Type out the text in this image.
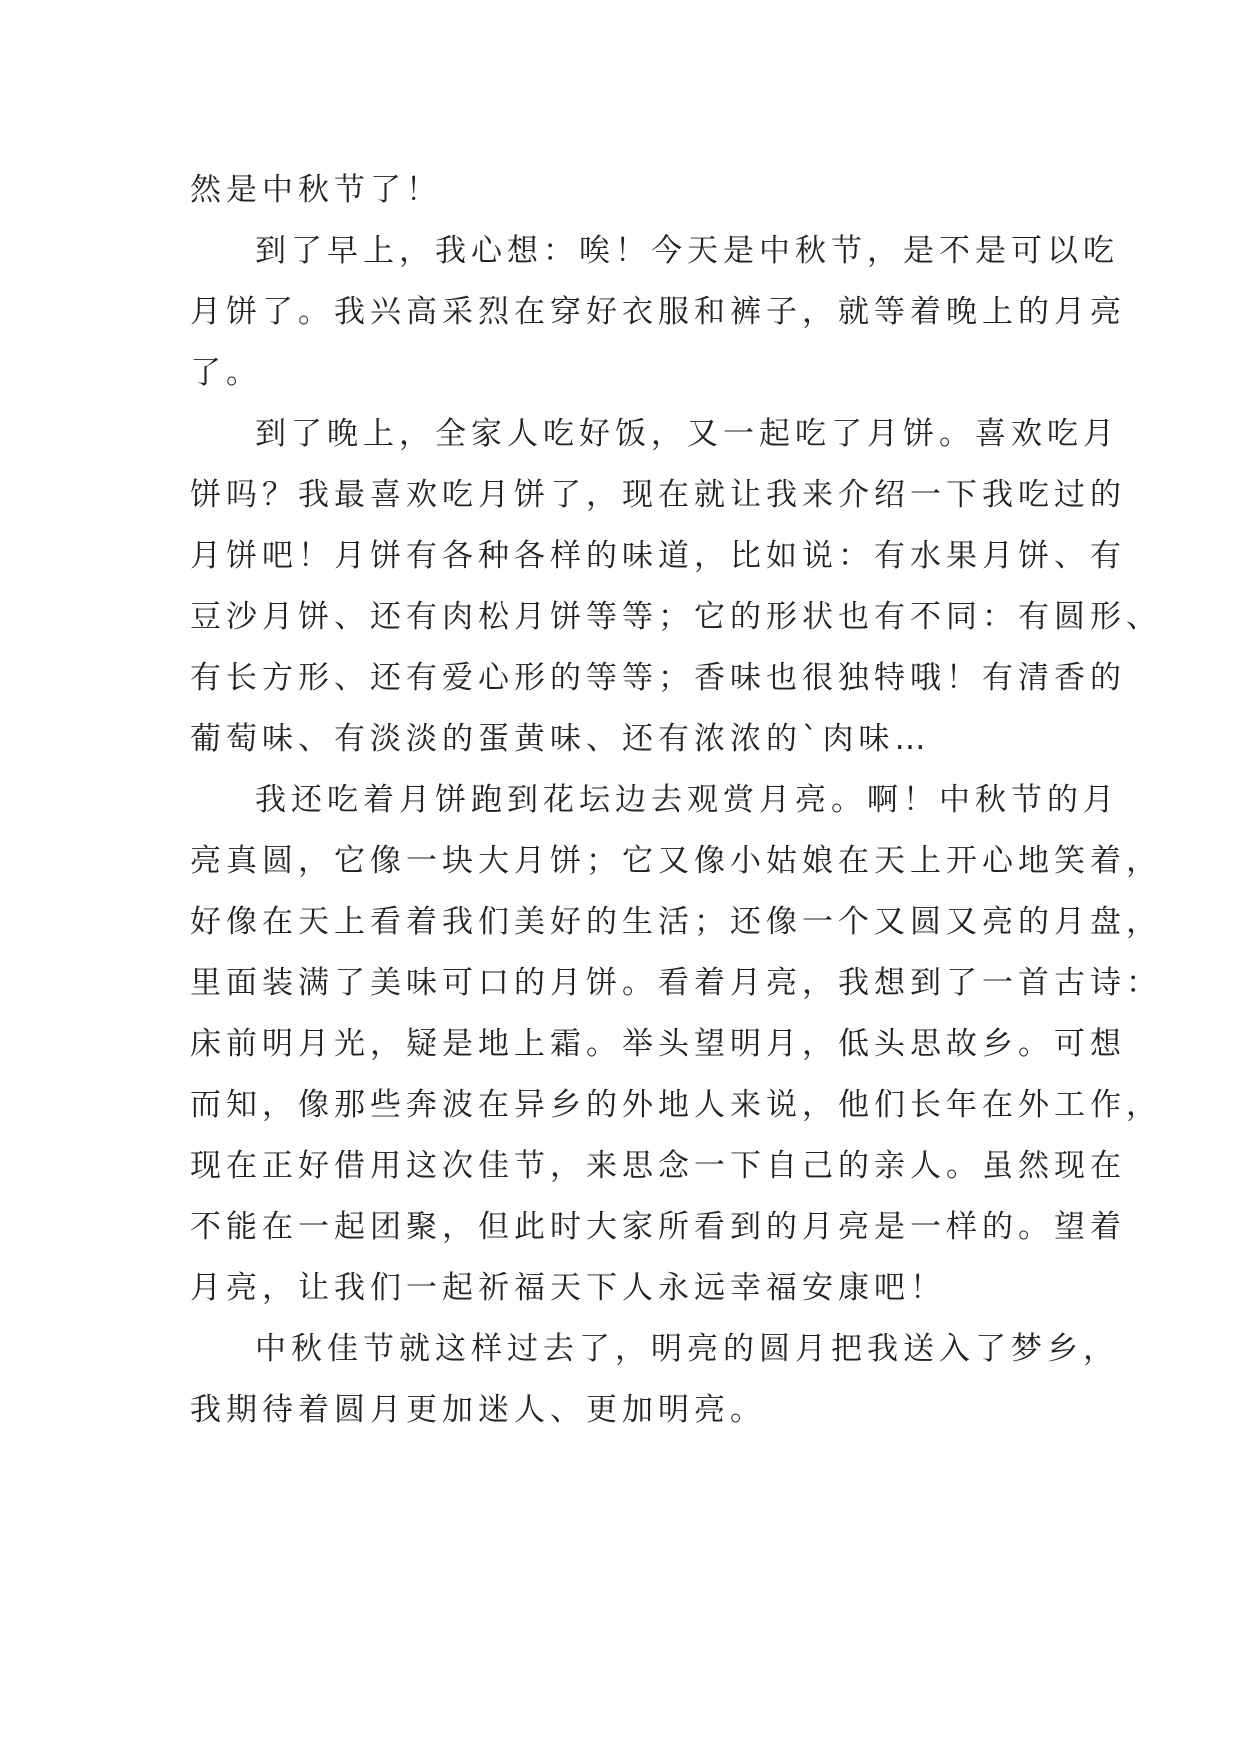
然是中秋节了！
到了早上，我心想：唉！今天是中秋节，是不是可以吃
月饼了。我兴高采烈在穿好衣服和裤子，就等着晚上的月亮
了。
到了晚上，全家人吃好饭，又一起吃了月饼。喜欢吃月
饼吗？我最喜欢吃月饼了，现在就让我来介绍一下我吃过的
月饼吧！月饼有各种各样的味道，比如说：有水果月饼、有
豆沙月饼、还有肉松月饼等等；它的形状也有不同：有圆形、
有长方形、还有爱心形的等等；香味也很独特哦！有清香的
葡萄味、有淡淡的蛋黄味、还有浓浓的`肉味…
我还吃着月饼跑到花坛边去观赏月亮。啊！中秋节的月
亮真圆，它像一块大月饼；它又像小姑娘在天上开心地笑着，
好像在天上看着我们美好的生活；还像一个又圆又亮的月盘，
里面装满了美味可口的月饼。看着月亮，我想到了一首古诗：
床前明月光，疑是地上霜。举头望明月，低头思故乡。可想
而知，像那些奔波在异乡的外地人来说，他们长年在外工作，
现在正好借用这次佳节，来思念一下自己的亲人。虽然现在
不能在一起团聚，但此时大家所看到的月亮是一样的。望着
月亮，让我们一起祈福天下人永远幸福安康吧！
中秋佳节就这样过去了，明亮的圆月把我送入了梦乡，
我期待着圆月更加迷人、更加明亮。
